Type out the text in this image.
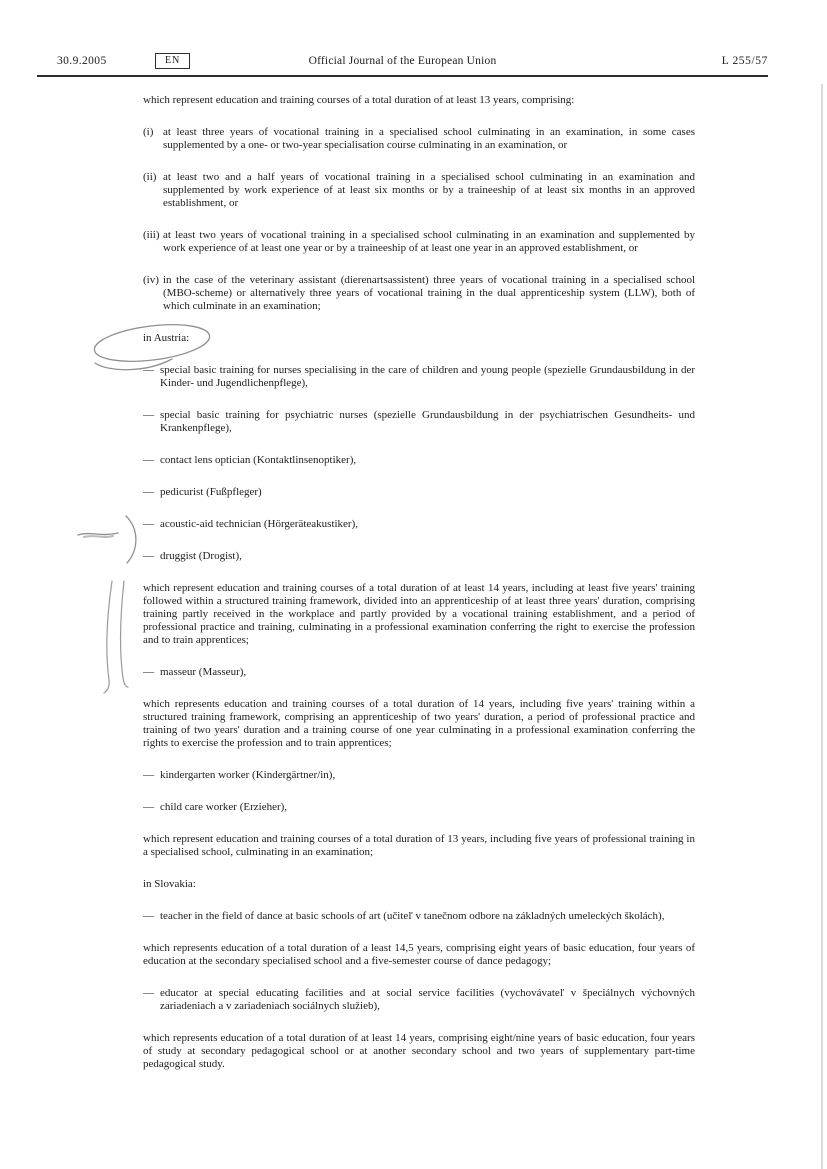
30.9.2005	EN	Official Journal of the European Union	L 255/57
which represent education and training courses of a total duration of at least 13 years, comprising:
(i) at least three years of vocational training in a specialised school culminating in an examination, in some cases supplemented by a one- or two-year specialisation course culminating in an examination, or
(ii) at least two and a half years of vocational training in a specialised school culminating in an examination and supplemented by work experience of at least six months or by a traineeship of at least six months in an approved establishment, or
(iii) at least two years of vocational training in a specialised school culminating in an examination and supplemented by work experience of at least one year or by a traineeship of at least one year in an approved establishment, or
(iv) in the case of the veterinary assistant (dierenartsassistent) three years of vocational training in a specialised school (MBO-scheme) or alternatively three years of vocational training in the dual apprenticeship system (LLW), both of which culminate in an examination;
in Austria:
— special basic training for nurses specialising in the care of children and young people (spezielle Grundausbildung in der Kinder- und Jugendlichenpflege),
— special basic training for psychiatric nurses (spezielle Grundausbildung in der psychiatrischen Gesundheits- und Krankenpflege),
— contact lens optician (Kontaktlinsenoptiker),
— pedicurist (Fußpfleger)
— acoustic-aid technician (Hörgeräteakustiker),
— druggist (Drogist),
which represent education and training courses of a total duration of at least 14 years, including at least five years' training followed within a structured training framework, divided into an apprenticeship of at least three years' duration, comprising training partly received in the workplace and partly provided by a vocational training establishment, and a period of professional practice and training, culminating in a professional examination conferring the right to exercise the profession and to train apprentices;
— masseur (Masseur),
which represents education and training courses of a total duration of 14 years, including five years' training within a structured training framework, comprising an apprenticeship of two years' duration, a period of professional practice and training of two years' duration and a training course of one year culminating in a professional examination conferring the rights to exercise the profession and to train apprentices;
— kindergarten worker (Kindergärtner/in),
— child care worker (Erzieher),
which represent education and training courses of a total duration of 13 years, including five years of professional training in a specialised school, culminating in an examination;
in Slovakia:
— teacher in the field of dance at basic schools of art (učiteľ v tanečnom odbore na základných umeleckých školách),
which represents education of a total duration of a least 14,5 years, comprising eight years of basic education, four years of education at the secondary specialised school and a five-semester course of dance pedagogy;
— educator at special educating facilities and at social service facilities (vychovávateľ v špeciálnych výchovných zariadeniach a v zariadeniach sociálnych služieb),
which represents education of a total duration of at least 14 years, comprising eight/nine years of basic education, four years of study at secondary pedagogical school or at another secondary school and two years of supplementary part-time pedagogical study.
